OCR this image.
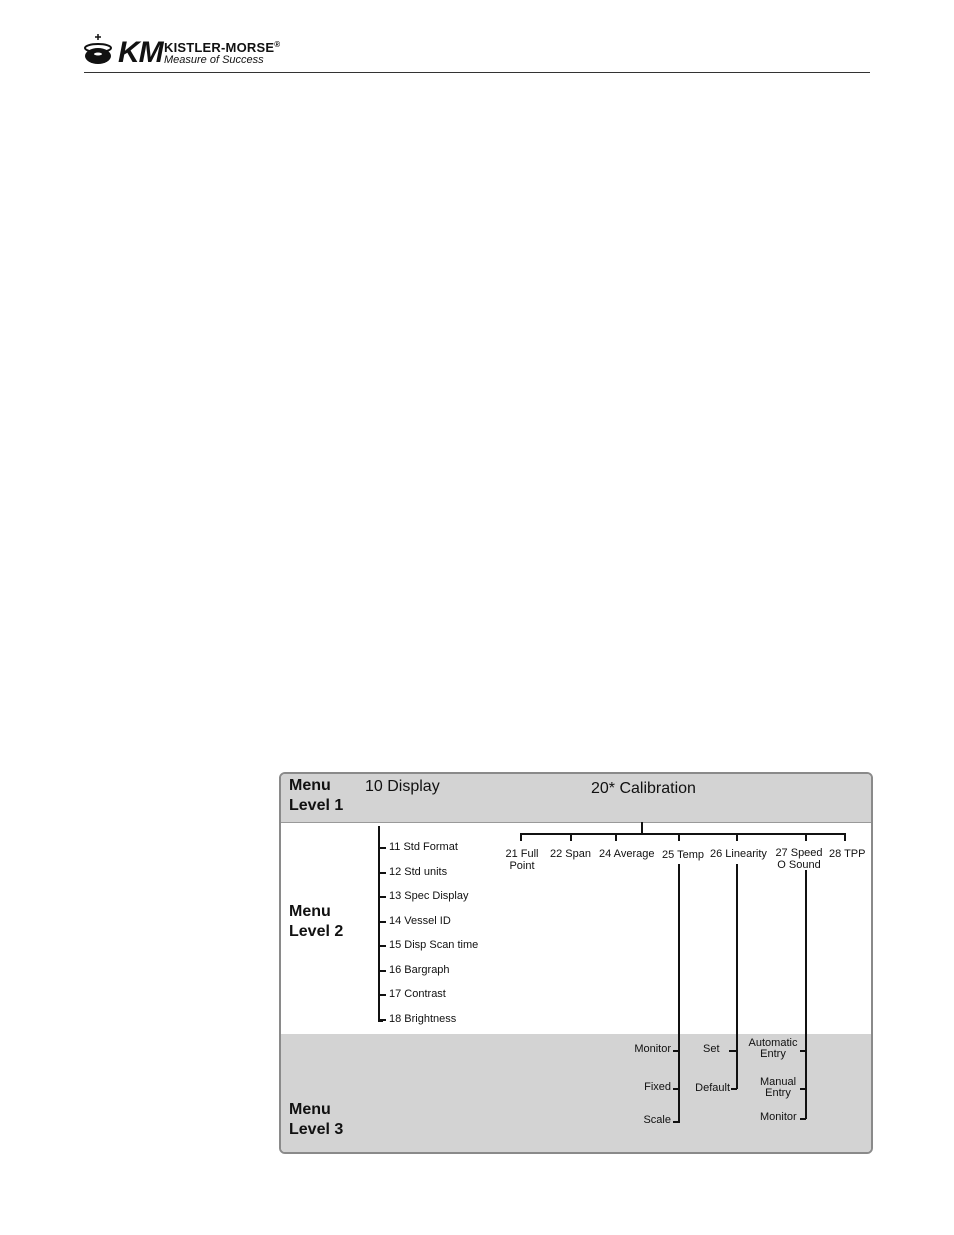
KM KISTLER-MORSE®
Measure of Success
Menu
Level 1
Menu
Level 2
Menu
Level 3
10 Display	20* Calibration
11 Std Format
12 Std units
13 Spec Display
14 Vessel ID
15 Disp Scan time
16 Bargraph
17 Contrast
18 Brightness
21 Full
Point
22 Span 24 Average 25 Temp 26 Linearity 27 Speed
O Sound
28 TPP
Monitor
Fixed
Scale
Set
Default
Automatic
Entry
Manual
Entry
Monitor
